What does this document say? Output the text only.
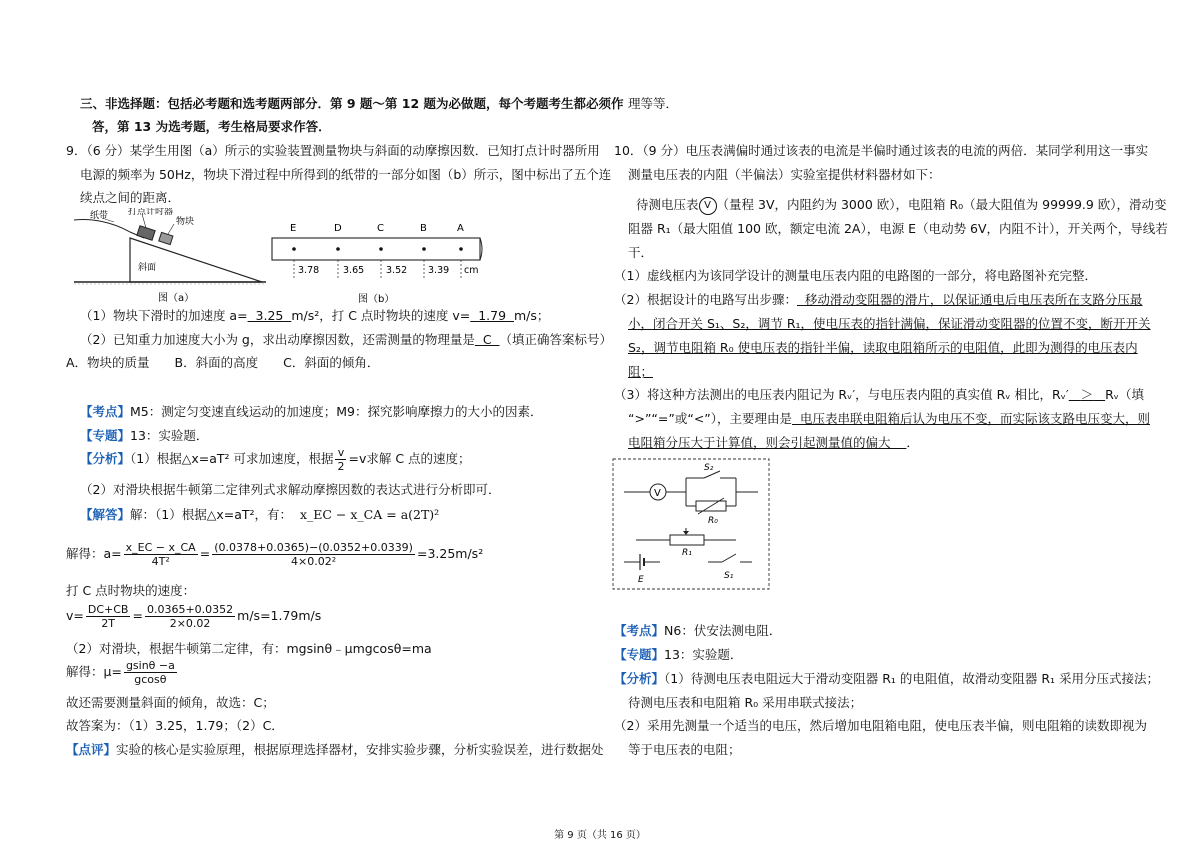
三、非选择题：包括必考题和选考题两部分．第 9 题～第 12 题为必做题，每个考题考生都必须作
答，第 13 为选考题，考生格局要求作答．
9．（6 分）某学生用图（a）所示的实验装置测量物块与斜面的动摩擦因数．已知打点计时器所用
电源的频率为 50Hz，物块下滑过程中所得到的纸带的一部分如图（b）所示，图中标出了五个连
续点之间的距离．
纸带 打点计时器
物块
斜面
图（a）
E	D	C	B	A
3.78	3.65 3.52 3.39 cm
图（b）
（1）物块下滑时的加速度 a= 3.25 m/s²，打 C 点时物块的速度 v= 1.79 m/s；
（2）已知重力加速度大小为 g，求出动摩擦因数，还需测量的物理量是 C （填正确答案标号）
A．物块的质量　　B．斜面的高度　　C．斜面的倾角．
【考点】M5：测定匀变速直线运动的加速度；M9：探究影响摩擦力的大小的因素．
【专题】13：实验题．
【分析】（1）根据△x=aT² 可求加速度，根据 $\frac{v}{2} =v$求解 C 点的速度；
（2）对滑块根据牛顿第二定律列式求解动摩擦因数的表达式进行分析即可．
【解答】解：（1）根据△x=aT²，有： x_EC − x_CA = a(2T)²
解得：$a= \frac{x\_EC - x\_CA}{\text{4T²}} = \frac{(0.0378+0.0365)-(0.0352+0.0339)}{\text{4×0.02²}} =3.25m/s^2$
打 C 点时物块的速度：
$v= \frac{DC+CB}{2T} = \frac{0.0365+0.0352}{2\times 0.02} m/s=1.79m/s$
（2）对滑块，根据牛顿第二定律，有：mgsinθ﹣μmgcosθ=ma
解得：$\mu= \frac{gsin\theta -a}{gcos\theta}$
故还需要测量斜面的倾角，故选：C；
故答案为：（1）3.25，1.79；（2）C．
【点评】实验的核心是实验原理，根据原理选择器材，安排实验步骤，分析实验误差，进行数据处
理等等．
10．（9 分）电压表满偏时通过该表的电流是半偏时通过该表的电流的两倍．某同学利用这一事实
测量电压表的内阻（半偏法）实验室提供材料器材如下：
待测电压表 V （量程 3V，内阻约为 3000 欧），电阻箱 R₀（最大阻值为 99999.9 欧），滑动变
阻器 R₁（最大阻值 100 欧，额定电流 2A），电源 E（电动势 6V，内阻不计），开关两个，导线若
干．
（1）虚线框内为该同学设计的测量电压表内阻的电路图的一部分，将电路图补充完整．
（2）根据设计的电路写出步骤： 移动滑动变阻器的滑片，以保证通电后电压表所在支路分压最
小，闭合开关 S₁、S₂，调节 R₁，使电压表的指针满偏，保证滑动变阻器的位置不变，断开开关
S₂，调节电阻箱 R₀ 使电压表的指针半偏，读取电阻箱所示的电阻值，此即为测得的电压表内
阻；
（3）将这种方法测出的电压表内阻记为 Rᵥ′，与电压表内阻的真实值 Rᵥ 相比，Rᵥ′ ＞ Rᵥ（填
“>”“=”或“<”），主要理由是 电压表串联电阻箱后认为电压不变，而实际该支路电压变大，则
电阻箱分压大于计算值，则会引起测量值的偏大 ．
V
S₂
R₀
R₁
E	S₁
【考点】N6：伏安法测电阻．
【专题】13：实验题．
【分析】（1）待测电压表电阻远大于滑动变阻器 R₁ 的电阻值，故滑动变阻器 R₁ 采用分压式接法；
待测电压表和电阻箱 R₀ 采用串联式接法；
（2）采用先测量一个适当的电压，然后增加电阻箱电阻，使电压表半偏，则电阻箱的读数即视为
等于电压表的电阻；
第 9 页（共 16 页）
